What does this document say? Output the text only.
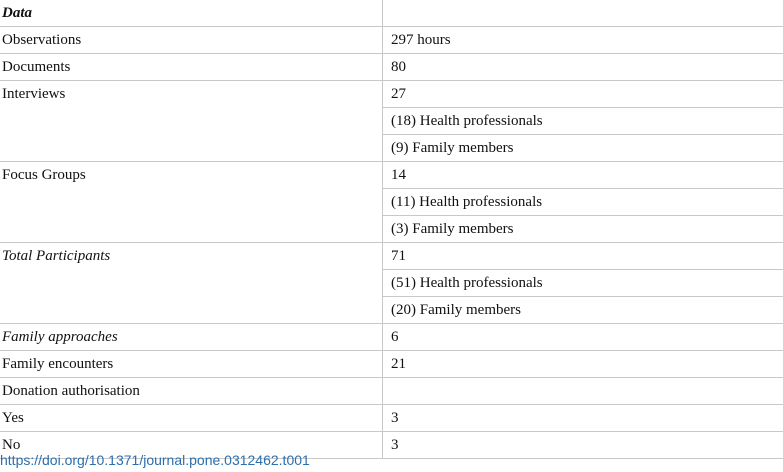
Data	
Observations	297 hours
Documents	80
Interviews	27
	(18) Health professionals
	(9) Family members
Focus Groups	14
	(11) Health professionals
	(3) Family members
Total Participants	71
	(51) Health professionals
	(20) Family members
Family approaches	6
Family encounters	21
Donation authorisation	
Yes	3
No	3
https://doi.org/10.1371/journal.pone.0312462.t001
